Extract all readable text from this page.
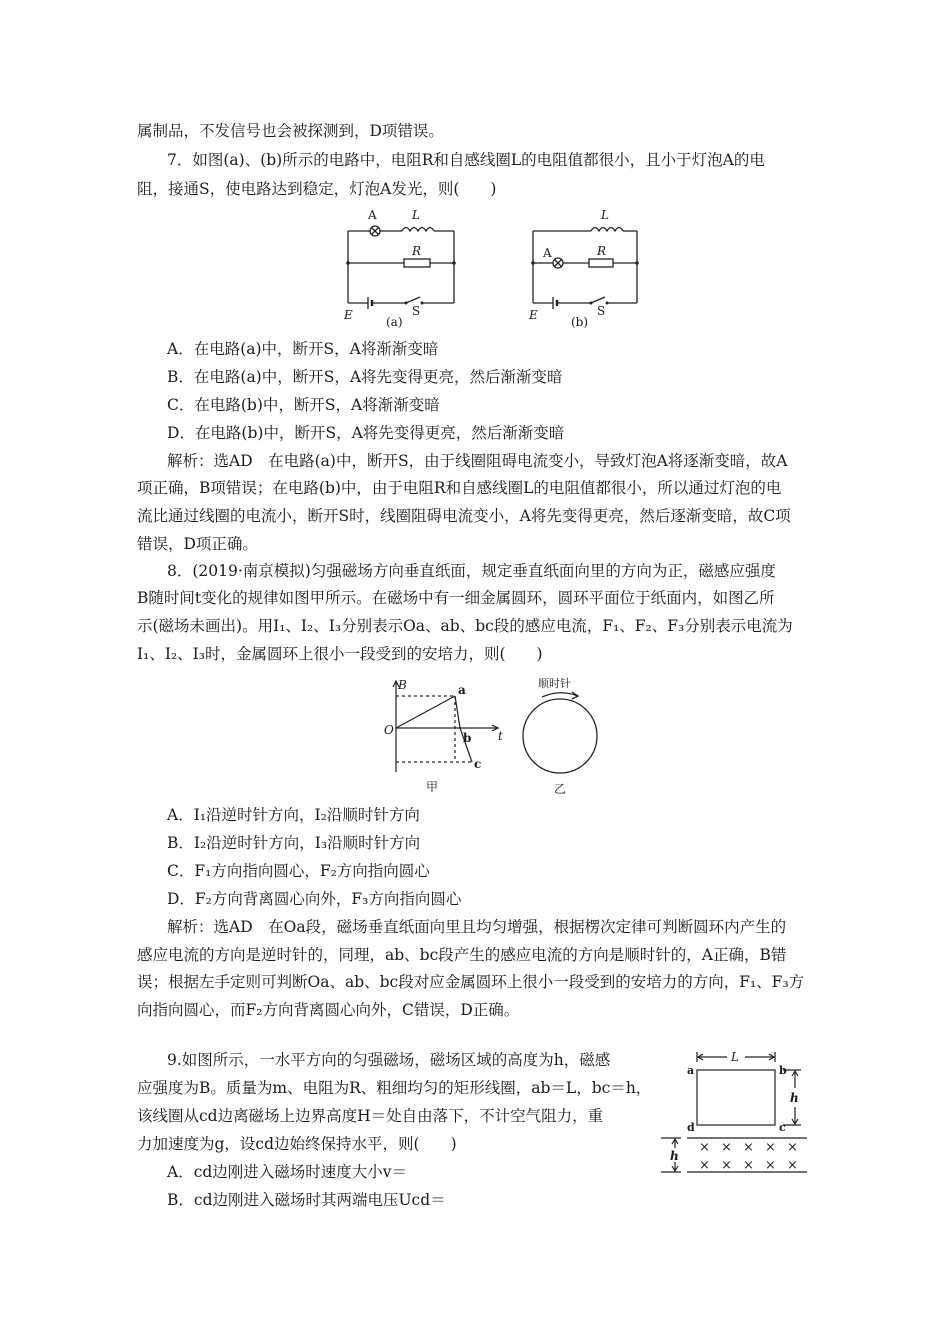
属制品，不发信号也会被探测到，D项错误。
7．如图(a)、(b)所示的电路中，电阻R和自感线圈L的电阻值都很小，且小于灯泡A的电
阻，接通S，使电路达到稳定，灯泡A发光，则(　　)
A	L
R
E	S
(a)
A
L
R
E	S
(b)
A．在电路(a)中，断开S，A将渐渐变暗
B．在电路(a)中，断开S，A将先变得更亮，然后渐渐变暗
C．在电路(b)中，断开S，A将渐渐变暗
D．在电路(b)中，断开S，A将先变得更亮，然后渐渐变暗
解析：选AD　在电路(a)中，断开S，由于线圈阻碍电流变小，导致灯泡A将逐渐变暗，故A
项正确，B项错误；在电路(b)中，由于电阻R和自感线圈L的电阻值都很小，所以通过灯泡的电
流比通过线圈的电流小，断开S时，线圈阻碍电流变小，A将先变得更亮，然后逐渐变暗，故C项
错误，D项正确。
8．(2019·南京模拟)匀强磁场方向垂直纸面，规定垂直纸面向里的方向为正，磁感应强度
B随时间t变化的规律如图甲所示。在磁场中有一细金属圆环，圆环平面位于纸面内，如图乙所
示(磁场未画出)。用I₁、I₂、I₃分别表示Oa、ab、bc段的感应电流，F₁、F₂、F₃分别表示电流为
I₁、I₂、I₃时，金属圆环上很小一段受到的安培力，则(　　)
B
t
O
a
b
c
甲
顺时针
乙
A．I₁沿逆时针方向，I₂沿顺时针方向
B．I₂沿逆时针方向，I₃沿顺时针方向
C．F₁方向指向圆心，F₂方向指向圆心
D．F₂方向背离圆心向外，F₃方向指向圆心
解析：选AD　在Oa段，磁场垂直纸面向里且均匀增强，根据楞次定律可判断圆环内产生的
感应电流的方向是逆时针的，同理，ab、bc段产生的感应电流的方向是顺时针的，A正确，B错
误；根据左手定则可判断Oa、ab、bc段对应金属圆环上很小一段受到的安培力的方向，F₁、F₃方
向指向圆心，而F₂方向背离圆心向外，C错误，D正确。
9.如图所示，一水平方向的匀强磁场，磁场区域的高度为h，磁感
应强度为B。质量为m、电阻为R、粗细均匀的矩形线圈，ab＝L，bc＝h，
该线圈从cd边离磁场上边界高度H＝处自由落下，不计空气阻力，重
力加速度为g，设cd边始终保持水平，则(　　)
A．cd边刚进入磁场时速度大小v＝
B．cd边刚进入磁场时其两端电压Ucd＝
L
a	b
c
d
h
h
× × × × ×
× × × × ×
